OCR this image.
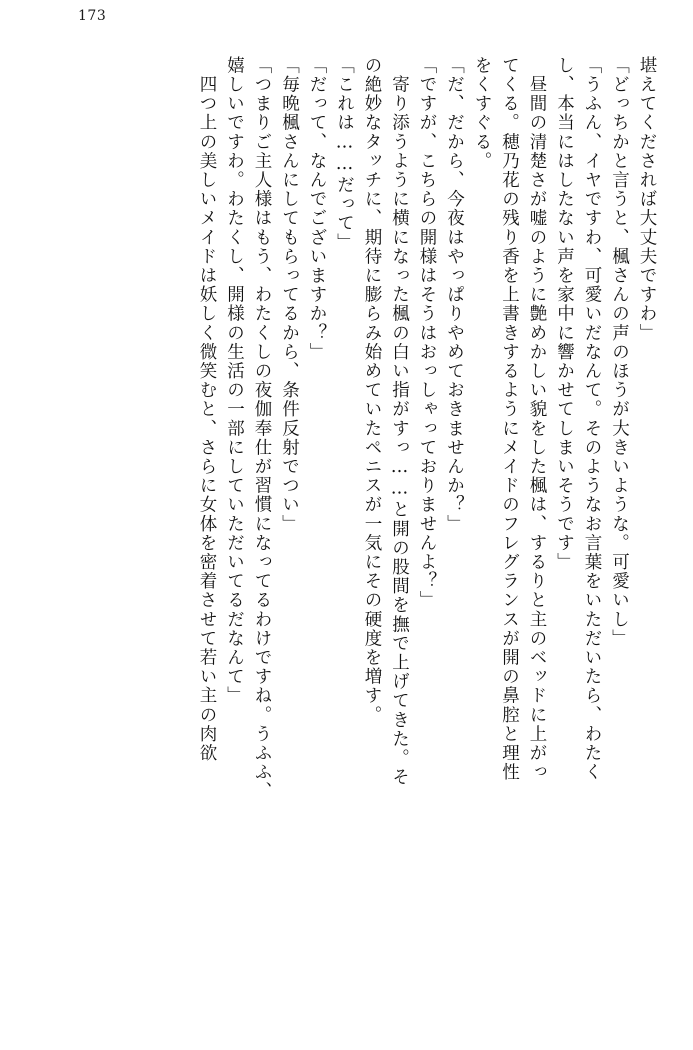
173
堪えてくだされば大丈夫ですわ」
「どっちかと言うと、楓さんの声のほうが大きいような。可愛いし」
「うふん、イヤですわ、可愛いだなんて。そのようなお言葉をいただいたら、わたく
し、本当にはしたない声を家中に響かせてしまいそうです」
　昼間の清楚さが嘘のように艶めかしい貌をした楓は、するりと主のベッドに上がっ
てくる。穂乃花の残り香を上書きするようにメイドのフレグランスが開の鼻腔と理性
をくすぐる。
「だ、だから、今夜はやっぱりやめておきませんか？」
「ですが、こちらの開様はそうはおっしゃっておりませんよ？」
　寄り添うように横になった楓の白い指がすっ……と開の股間を撫で上げてきた。そ
の絶妙なタッチに、期待に膨らみ始めていたペニスが一気にその硬度を増す。
「これは……だって」
「だって、なんでございますか？」
「毎晩楓さんにしてもらってるから、条件反射でつい」
「つまりご主人様はもう、わたくしの夜伽奉仕が習慣になってるわけですね。うふふ、
嬉しいですわ。わたくし、開様の生活の一部にしていただいてるだなんて」
　四つ上の美しいメイドは妖しく微笑むと、さらに女体を密着させて若い主の肉欲
